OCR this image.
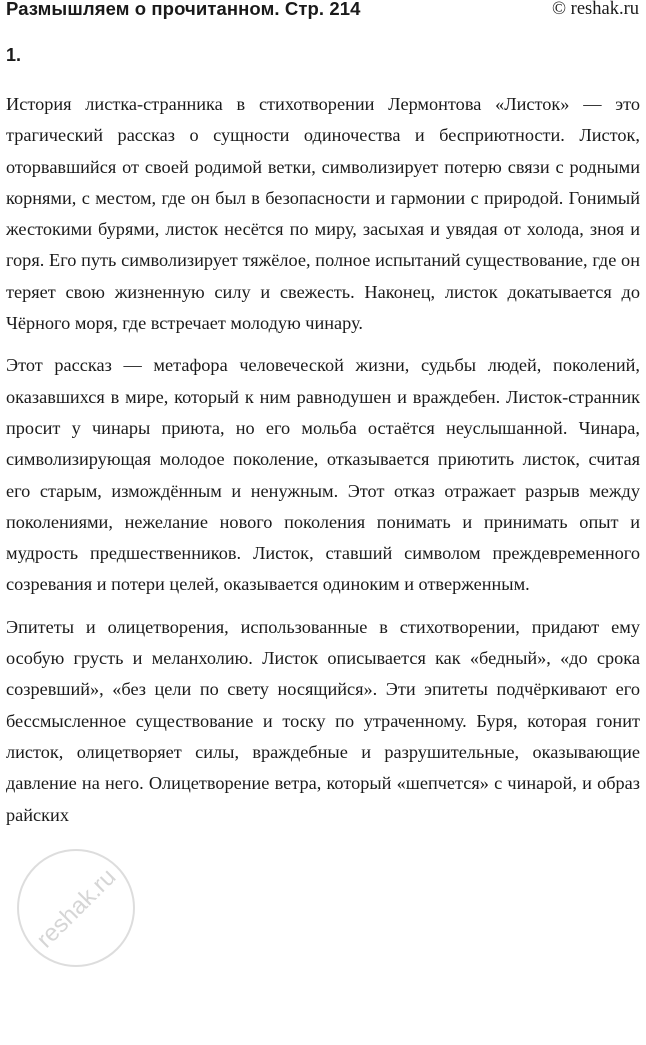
Размышляем о прочитанном. Стр. 214	© reshak.ru
1.

История листка-странника в стихотворении Лермонтова «Листок» — это трагический рассказ о сущности одиночества и бесприютности. Листок, оторвавшийся от своей родимой ветки, символизирует потерю связи с родными корнями, с местом, где он был в безопасности и гармонии с природой. Гонимый жестокими бурями, листок несётся по миру, засыхая и увядая от холода, зноя и горя. Его путь символизирует тяжёлое, полное испытаний существование, где он теряет свою жизненную силу и свежесть. Наконец, листок докатывается до Чёрного моря, где встречает молодую чинару.

Этот рассказ — метафора человеческой жизни, судьбы людей, поколений, оказавшихся в мире, который к ним равнодушен и враждебен. Листок-странник просит у чинары приюта, но его мольба остаётся неуслышанной. Чинара, символизирующая молодое поколение, отказывается приютить листок, считая его старым, измождённым и ненужным. Этот отказ отражает разрыв между поколениями, нежелание нового поколения понимать и принимать опыт и мудрость предшественников. Листок, ставший символом преждевременного созревания и потери целей, оказывается одиноким и отверженным.

Эпитеты и олицетворения, использованные в стихотворении, придают ему особую грусть и меланхолию. Листок описывается как «бедный», «до срока созревший», «без цели по свету носящийся». Эти эпитеты подчёркивают его бессмысленное существование и тоску по утраченному. Буря, которая гонит листок, олицетворяет силы, враждебные и разрушительные, оказывающие давление на него. Олицетворение ветра, который «шепчется» с чинарой, и образ райских

reshak.ru
